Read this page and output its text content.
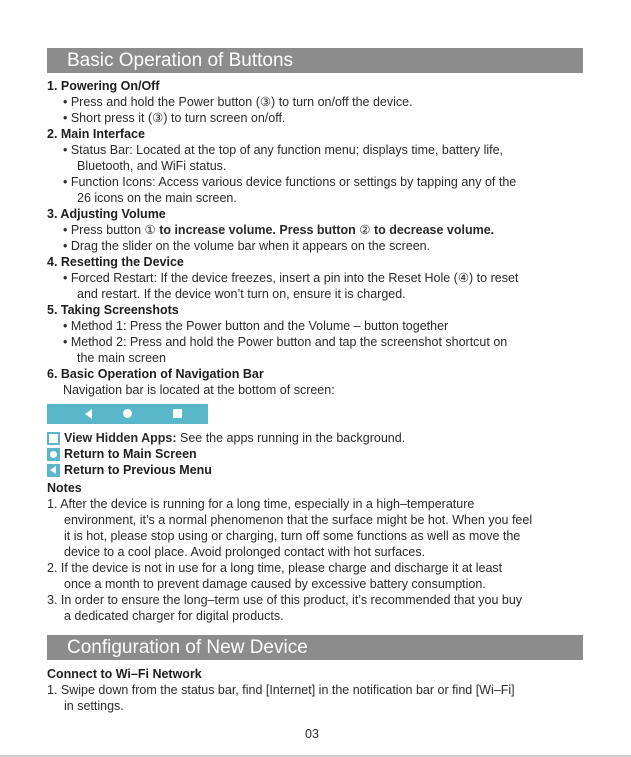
Basic Operation of Buttons
1. Powering On/Off
• Press and hold the Power button (③) to turn on/off the device.
• Short press it (③) to turn screen on/off.
2. Main Interface
• Status Bar: Located at the top of any function menu; displays time, battery life,
Bluetooth, and WiFi status.
• Function Icons: Access various device functions or settings by tapping any of the
26 icons on the main screen.
3. Adjusting Volume
• Press button ① to increase volume. Press button ② to decrease volume.
• Drag the slider on the volume bar when it appears on the screen.
4. Resetting the Device
• Forced Restart: If the device freezes, insert a pin into the Reset Hole (④) to reset
and restart. If the device won’t turn on, ensure it is charged.
5. Taking Screenshots
• Method 1: Press the Power button and the Volume – button together
• Method 2: Press and hold the Power button and tap the screenshot shortcut on
the main screen
6. Basic Operation of Navigation Bar
Navigation bar is located at the bottom of screen:
View Hidden Apps: See the apps running in the background.
Return to Main Screen
Return to Previous Menu
Notes
1. After the device is running for a long time, especially in a high–temperature
environment, it’s a normal phenomenon that the surface might be hot. When you feel
it is hot, please stop using or charging, turn off some functions as well as move the
device to a cool place. Avoid prolonged contact with hot surfaces.
2. If the device is not in use for a long time, please charge and discharge it at least
once a month to prevent damage caused by excessive battery consumption.
3. In order to ensure the long–term use of this product, it’s recommended that you buy
a dedicated charger for digital products.
Configuration of New Device
Connect to Wi–Fi Network
1. Swipe down from the status bar, find [Internet] in the notification bar or find [Wi–Fi]
in settings.
03
